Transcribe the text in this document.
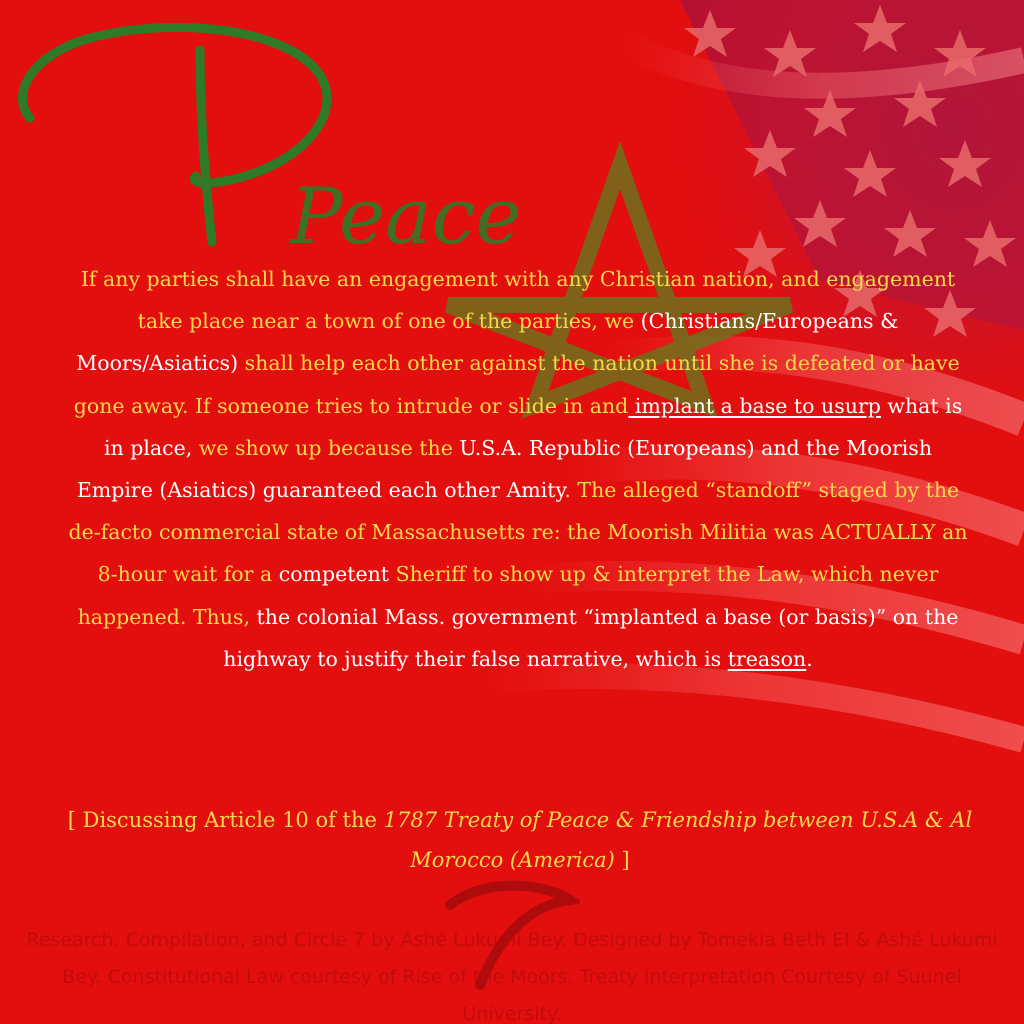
Peace
If any parties shall have an engagement with any Christian nation, and engagement take place near a town of one of the parties, we (Christians/Europeans & Moors/Asiatics) shall help each other against the nation until she is defeated or have gone away. If someone tries to intrude or slide in and implant a base to usurp what is in place, we show up because the U.S.A. Republic (Europeans) and the Moorish Empire (Asiatics) guaranteed each other Amity. The alleged “standoff” staged by the de-facto commercial state of Massachusetts re: the Moorish Militia was ACTUALLY an 8-hour wait for a competent Sheriff to show up & interpret the Law, which never happened. Thus, the colonial Mass. government “implanted a base (or basis)” on the highway to justify their false narrative, which is treason.
[ Discussing Article 10 of the 1787 Treaty of Peace & Friendship between U.S.A & Al Morocco (America) ]
Research, Compilation, and Circle 7 by Ashé Lukumi Bey. Designed by Tomekia Beth El & Ashé Lukumi Bey. Constitutional Law courtesy of Rise of the Moors. Treaty Interpretation Courtesy of Suunel University.
